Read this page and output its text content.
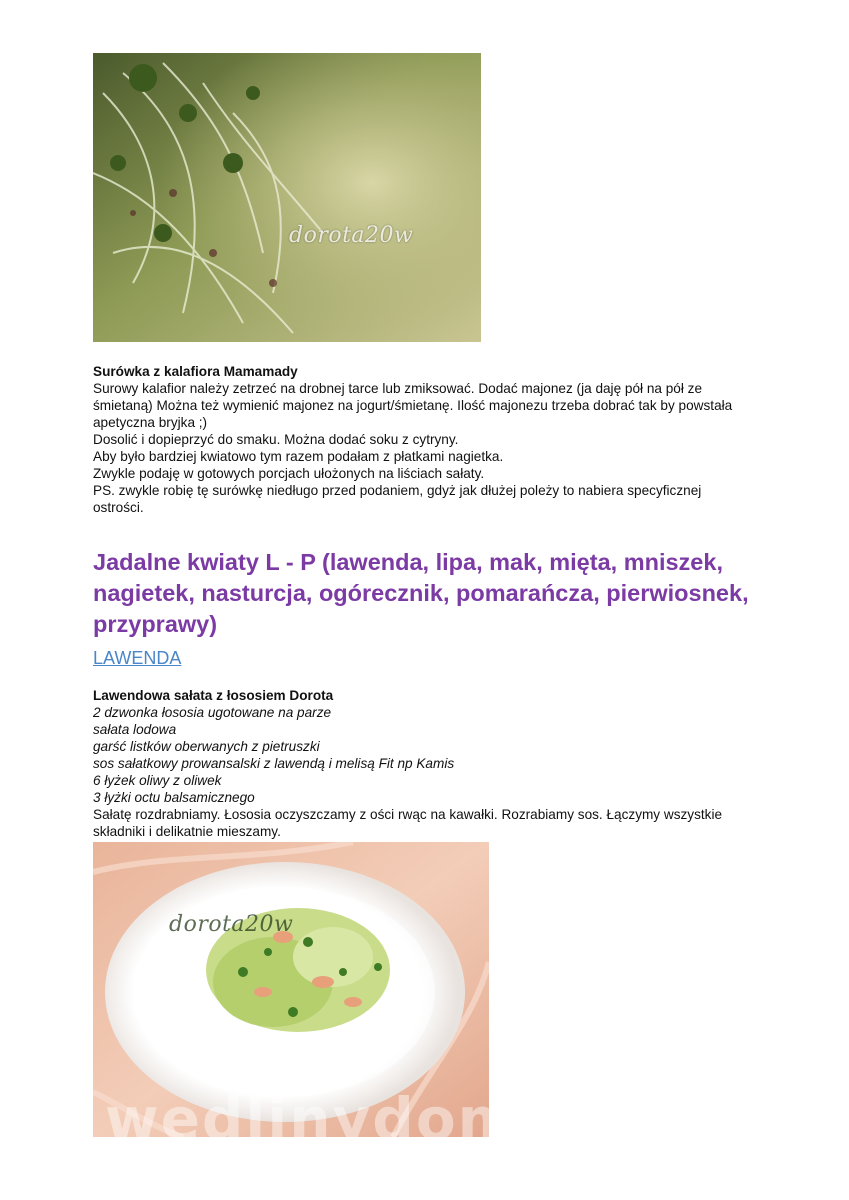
dorota20w
Surówka z kalafiora Mamamady
Surowy kalafior należy zetrzeć na drobnej tarce lub zmiksować. Dodać majonez (ja daję pół na pół ze
śmietaną) Można też wymienić majonez na jogurt/śmietanę. Ilość majonezu trzeba dobrać tak by powstała
apetyczna bryjka ;)
Dosolić i dopieprzyć do smaku. Można dodać soku z cytryny.
Aby było bardziej kwiatowo tym razem podałam z płatkami nagietka.
Zwykle podaję w gotowych porcjach ułożonych na liściach sałaty.
PS. zwykle robię tę surówkę niedługo przed podaniem, gdyż jak dłużej poleży to nabiera specyficznej
ostrości.
Jadalne kwiaty L - P (lawenda, lipa, mak, mięta, mniszek, nagietek, nasturcja, ogórecznik, pomarańcza, pierwiosnek, przyprawy)
LAWENDA
Lawendowa sałata z łososiem Dorota
2 dzwonka łososia ugotowane na parze
sałata lodowa
garść listków oberwanych z pietruszki
sos sałatkowy prowansalski z lawendą i melisą Fit np Kamis
6 łyżek oliwy z oliwek
3 łyżki octu balsamicznego
Sałatę rozdrabniamy. Łososia oczyszczamy z ości rwąc na kawałki. Rozrabiamy sos. Łączymy wszystkie
składniki i delikatnie mieszamy.
dorota20w
wedlinydomowe.pl
